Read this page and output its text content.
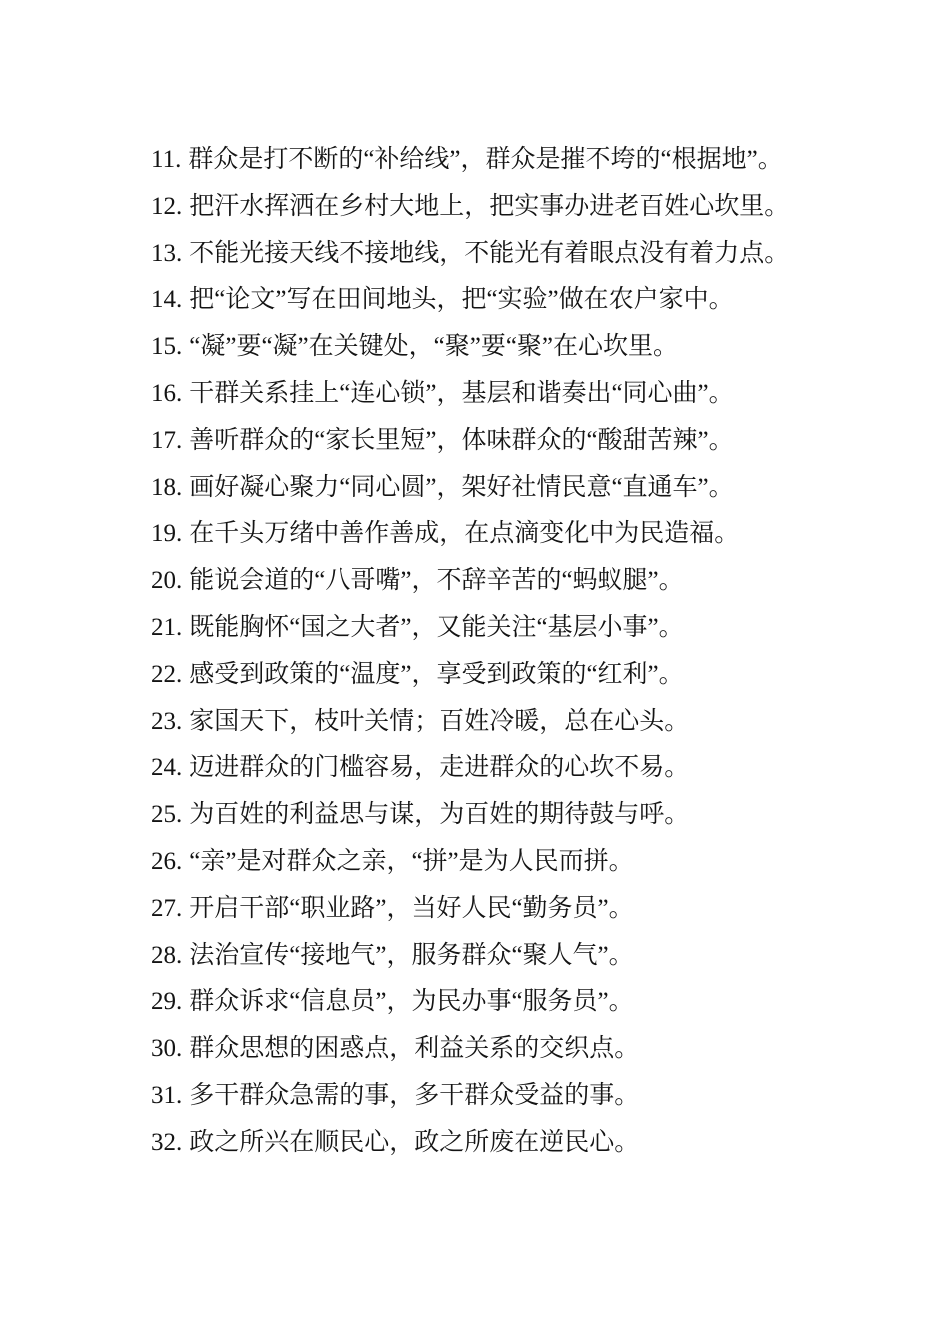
11. 群众是打不断的“补给线”，群众是摧不垮的“根据地”。

12. 把汗水挥洒在乡村大地上，把实事办进老百姓心坎里。

13. 不能光接天线不接地线，不能光有着眼点没有着力点。

14. 把“论文”写在田间地头，把“实验”做在农户家中。

15. “凝”要“凝”在关键处，“聚”要“聚”在心坎里。

16. 干群关系挂上“连心锁”，基层和谐奏出“同心曲”。

17. 善听群众的“家长里短”，体味群众的“酸甜苦辣”。

18. 画好凝心聚力“同心圆”，架好社情民意“直通车”。

19. 在千头万绪中善作善成，在点滴变化中为民造福。

20. 能说会道的“八哥嘴”，不辞辛苦的“蚂蚁腿”。

21. 既能胸怀“国之大者”，又能关注“基层小事”。

22. 感受到政策的“温度”，享受到政策的“红利”。

23. 家国天下，枝叶关情；百姓冷暖，总在心头。

24. 迈进群众的门槛容易，走进群众的心坎不易。

25. 为百姓的利益思与谋，为百姓的期待鼓与呼。

26. “亲”是对群众之亲，“拼”是为人民而拼。

27. 开启干部“职业路”，当好人民“勤务员”。

28. 法治宣传“接地气”，服务群众“聚人气”。

29. 群众诉求“信息员”，为民办事“服务员”。

30. 群众思想的困惑点，利益关系的交织点。

31. 多干群众急需的事，多干群众受益的事。

32. 政之所兴在顺民心，政之所废在逆民心。
